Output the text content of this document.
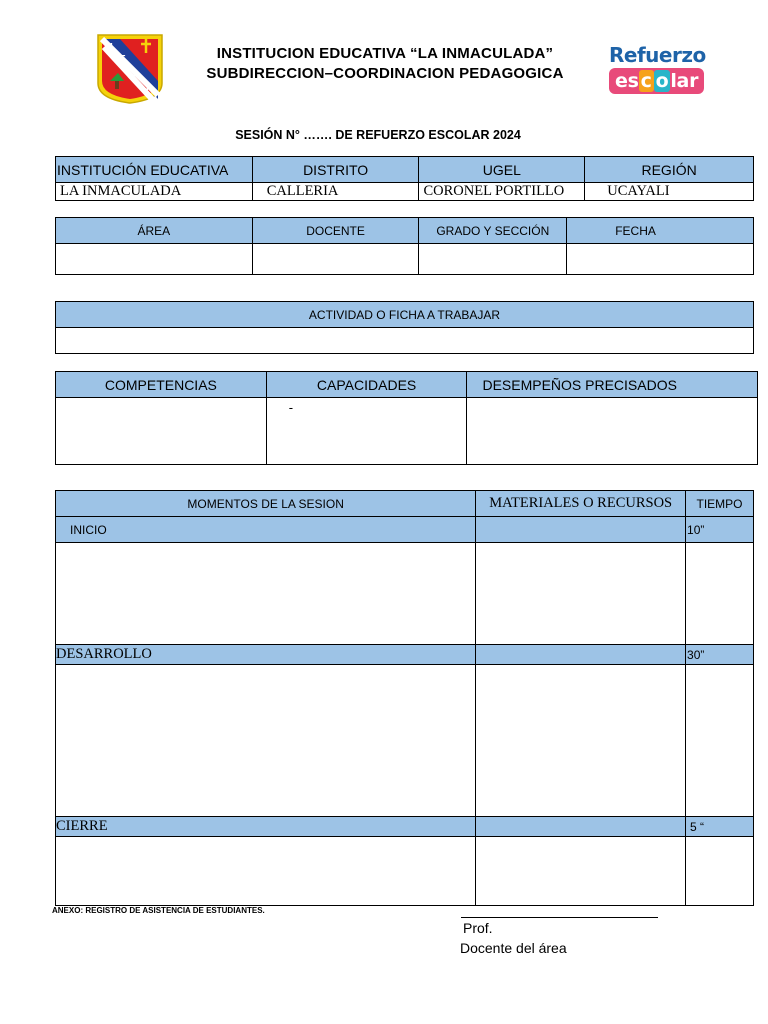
I.
E.
L.
I.
INSTITUCION EDUCATIVA “LA INMACULADA”
SUBDIRECCION–COORDINACION PEDAGOGICA
Refuerzo
es c o lar
SESIÓN N° ……. DE REFUERZO ESCOLAR 2024
INSTITUCIÓN EDUCATIVA	DISTRITO	UGEL	REGIÓN
LA INMACULADA	CALLERIA	CORONEL PORTILLO	UCAYALI
ÁREA	DOCENTE	GRADO Y SECCIÓN	FECHA

ACTIVIDAD O FICHA A TRABAJAR

COMPETENCIAS	CAPACIDADES	DESEMPEÑOS PRECISADOS
	-	
MOMENTOS DE LA SESION	MATERIALES O RECURSOS	TIEMPO
INICIO		10”

DESARROLLO		30”

CIERRE		5 “

ANEXO: REGISTRO DE ASISTENCIA DE ESTUDIANTES.
Prof.
Docente del área
